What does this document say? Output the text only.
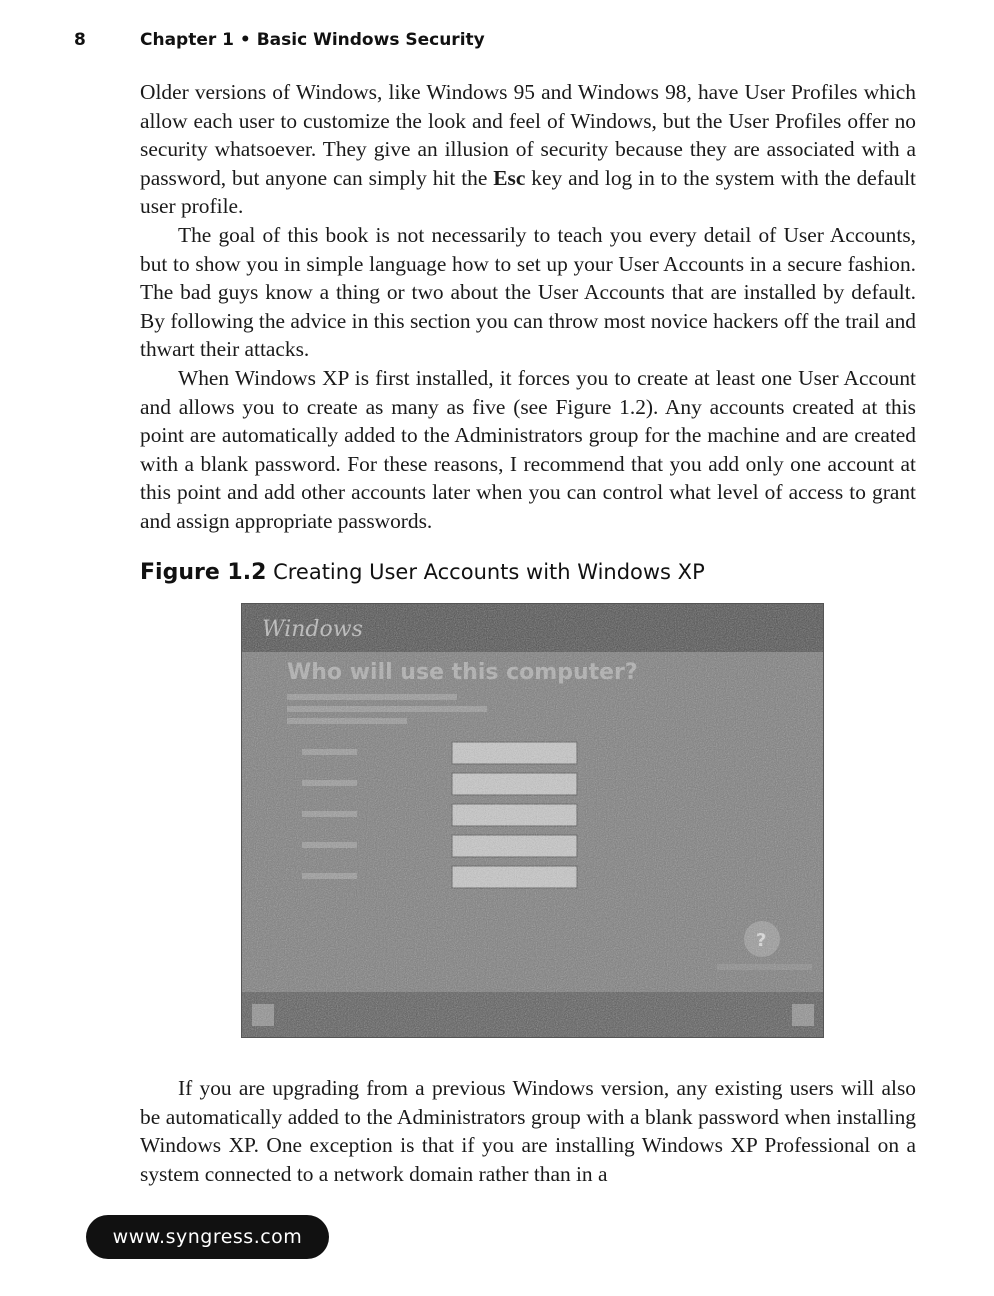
8	Chapter 1 • Basic Windows Security

Older versions of Windows, like Windows 95 and Windows 98, have User Profiles which allow each user to customize the look and feel of Windows, but the User Profiles offer no security whatsoever. They give an illusion of security because they are associated with a password, but anyone can simply hit the Esc key and log in to the system with the default user profile.

The goal of this book is not necessarily to teach you every detail of User Accounts, but to show you in simple language how to set up your User Accounts in a secure fashion. The bad guys know a thing or two about the User Accounts that are installed by default. By following the advice in this section you can throw most novice hackers off the trail and thwart their attacks.

When Windows XP is first installed, it forces you to create at least one User Account and allows you to create as many as five (see Figure 1.2). Any accounts created at this point are automatically added to the Administrators group for the machine and are created with a blank password. For these reasons, I recommend that you add only one account at this point and add other accounts later when you can control what level of access to grant and assign appropriate passwords.

Figure 1.2 Creating User Accounts with Windows XP

If you are upgrading from a previous Windows version, any existing users will also be automatically added to the Administrators group with a blank password when installing Windows XP. One exception is that if you are installing Windows XP Professional on a system connected to a network domain rather than in a

www.syngress.com
